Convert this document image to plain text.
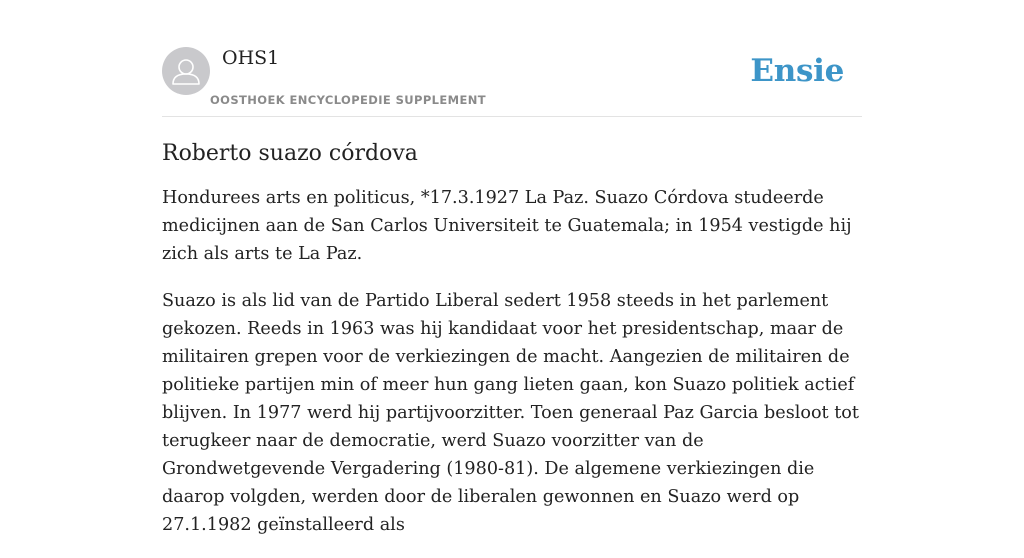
OHS1
OOSTHOEK ENCYCLOPEDIE SUPPLEMENT
Ensie
Roberto suazo córdova

Hondurees arts en politicus, *17.3.1927 La Paz. Suazo Córdova studeerde medicijnen aan de San Carlos Universiteit te Guatemala; in 1954 vestigde hij zich als arts te La Paz.

Suazo is als lid van de Partido Liberal sedert 1958 steeds in het parlement gekozen. Reeds in 1963 was hij kandidaat voor het presidentschap, maar de militairen grepen voor de verkiezingen de macht. Aangezien de militairen de politieke partijen min of meer hun gang lieten gaan, kon Suazo politiek actief blijven. In 1977 werd hij partijvoorzitter. Toen generaal Paz Garcia besloot tot terugkeer naar de democratie, werd Suazo voorzitter van de Grondwetgevende Vergadering (1980-81). De algemene verkiezingen die daarop volgden, werden door de liberalen gewonnen en Suazo werd op 27.1.1982 geïnstalleerd als
